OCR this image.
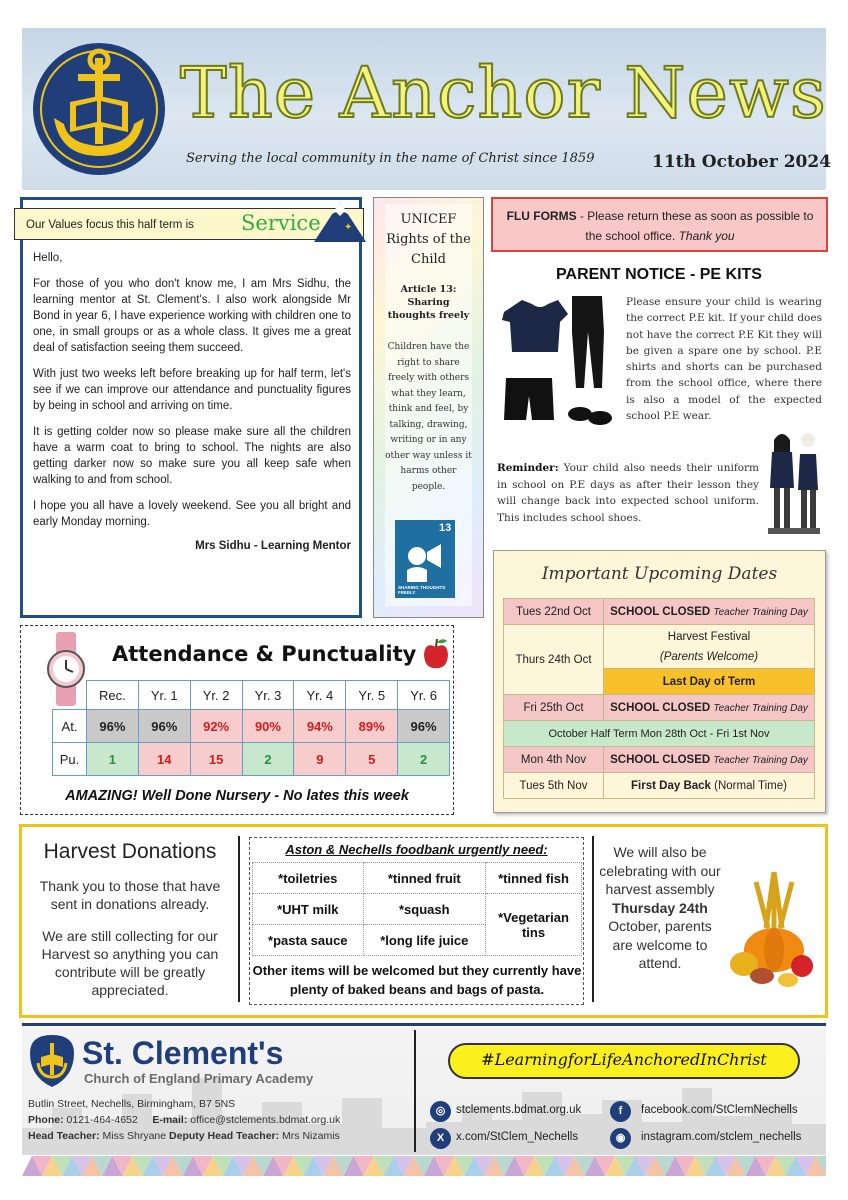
The Anchor News
Serving the local community in the name of Christ since 1859	11th October 2024

Hello,

For those of you who don't know me, I am Mrs Sidhu, the learning mentor at St. Clement's. I also work alongside Mr Bond in year 6, I have experience working with children one to one, in small groups or as a whole class. It gives me a great deal of satisfaction seeing them succeed.

With just two weeks left before breaking up for half term, let's see if we can improve our attendance and punctuality figures by being in school and arriving on time.

It is getting colder now so please make sure all the children have a warm coat to bring to school. The nights are also getting darker now so make sure you all keep safe when walking to and from school.

I hope you all have a lovely weekend. See you all bright and early Monday morning.

Mrs Sidhu - Learning Mentor
Our Values focus this half term is Service ✦
UNICEF Rights of the Child
Article 13: Sharing thoughts freely
Children have the right to share freely with others what they learn, think and feel, by talking, drawing, writing or in any other way unless it harms other people.
13
SHARING THOUGHTS FREELY
FLU FORMS - Please return these as soon as possible to the school office. Thank you
PARENT NOTICE - PE KITS
Please ensure your child is wearing the correct P.E kit. If your child does not have the correct P.E Kit they will be given a spare one by school. P.E shirts and shorts can be purchased from the school office, where there is also a model of the expected school P.E wear.
Reminder: Your child also needs their uniform in school on P.E days as after their lesson they will change back into expected school uniform. This includes school shoes.
Important Upcoming Dates
Tues 22nd Oct	SCHOOL CLOSED Teacher Training Day
Thurs 24th Oct	Harvest Festival
(Parents Welcome)
	Last Day of Term
Fri 25th Oct	SCHOOL CLOSED Teacher Training Day
October Half Term Mon 28th Oct - Fri 1st Nov	
Mon 4th Nov	SCHOOL CLOSED Teacher Training Day
Tues 5th Nov	First Day Back (Normal Time)
Attendance & Punctuality
	Rec.	Yr. 1	Yr. 2	Yr. 3	Yr. 4	Yr. 5	Yr. 6
At.	96%	96%	92%	90%	94%	89%	96%
Pu.	1	14	15	2	9	5	2
AMAZING! Well Done Nursery - No lates this week
Harvest Donations
Thank you to those that have sent in donations already.
We are still collecting for our Harvest so anything you can contribute will be greatly appreciated.
Aston & Nechells foodbank urgently need:
*toiletries	*tinned fruit	*tinned fish
*UHT milk	*squash	*Vegetarian tins
*pasta sauce	*long life juice	
Other items will be welcomed but they currently have plenty of baked beans and bags of pasta.
We will also be celebrating with our harvest assembly Thursday 24th October, parents are welcome to attend.
St. Clement's
Church of England Primary Academy
Butlin Street, Nechells, Birmingham, B7 5NS
Phone: 0121-464-4652 E-mail: office@stclements.bdmat.org.uk
Head Teacher: Miss Shryane Deputy Head Teacher: Mrs Nizamis
#LearningforLifeAnchoredInChrist
◎ stclements.bdmat.org.uk	f	facebook.com/StClemNechells
X	x.com/StClem_Nechells	◉	instagram.com/stclem_nechells
